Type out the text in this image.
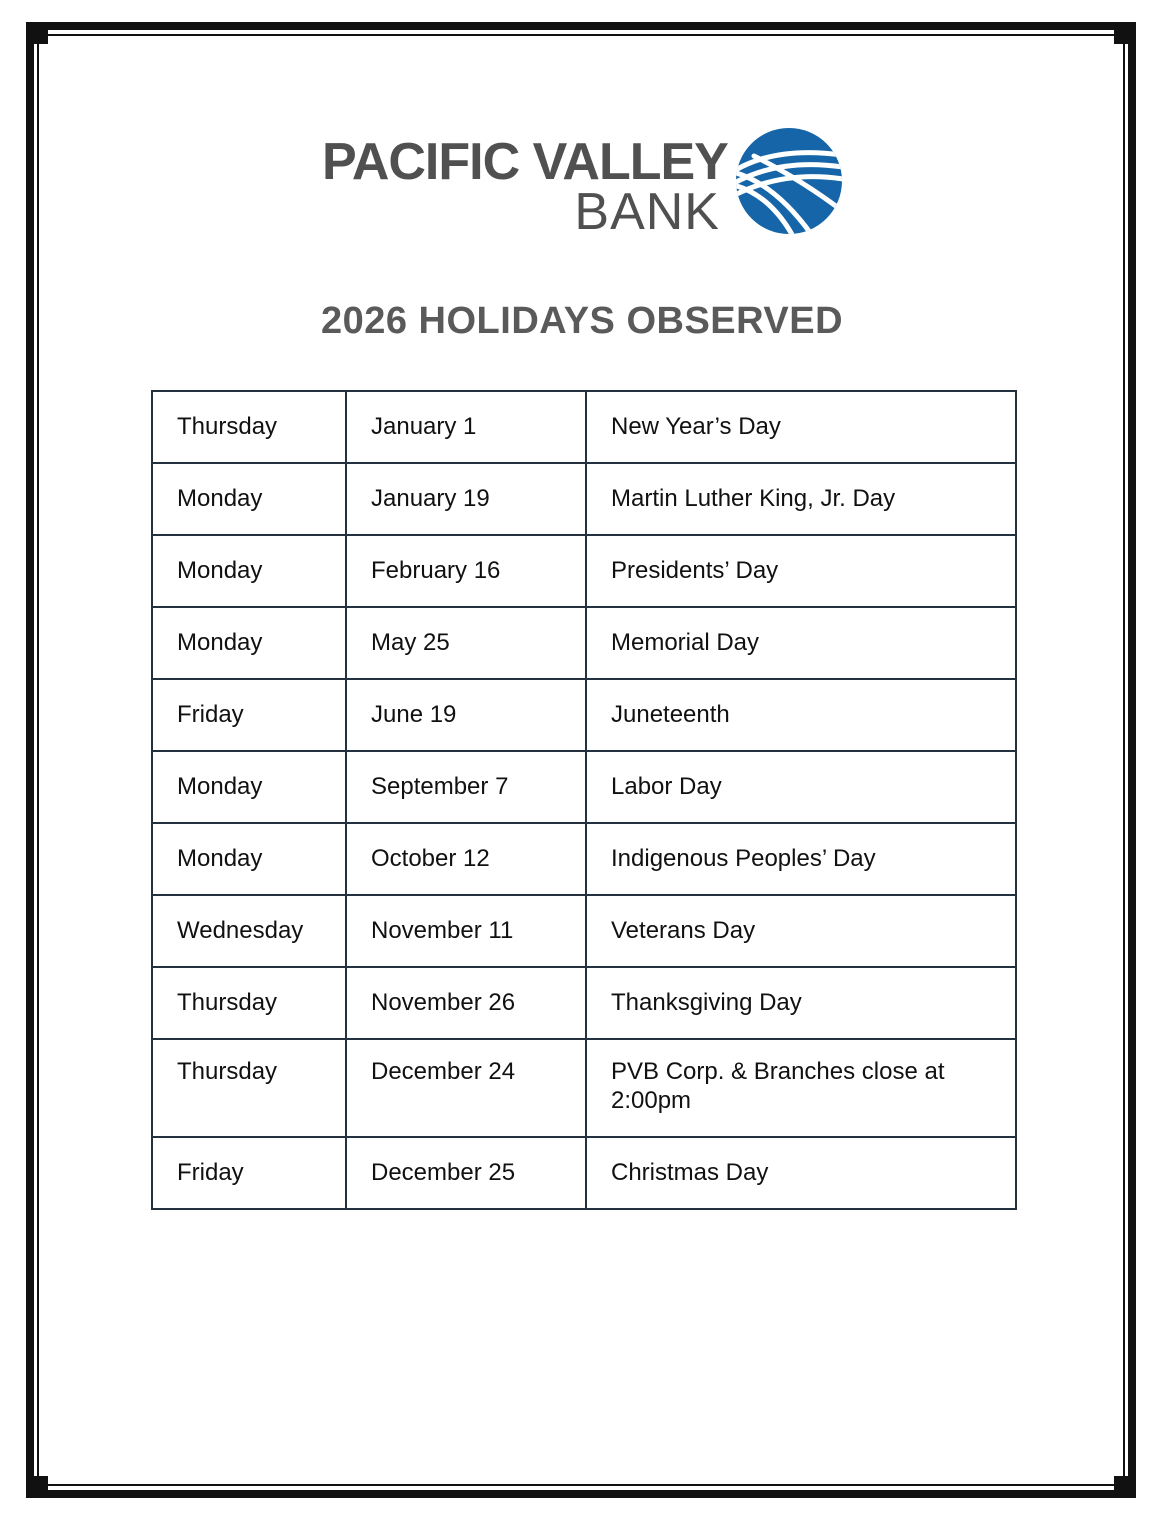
PACIFIC VALLEY
BANK
2026 HOLIDAYS OBSERVED
Thursday	January 1	New Year’s Day
Monday	January 19	Martin Luther King, Jr. Day
Monday	February 16	Presidents’ Day
Monday	May 25	Memorial Day
Friday	June 19	Juneteenth
Monday	September 7	Labor Day
Monday	October 12	Indigenous Peoples’ Day
Wednesday	November 11	Veterans Day
Thursday	November 26	Thanksgiving Day
Thursday	December 24	PVB Corp. & Branches close at 2:00pm
Friday	December 25	Christmas Day
